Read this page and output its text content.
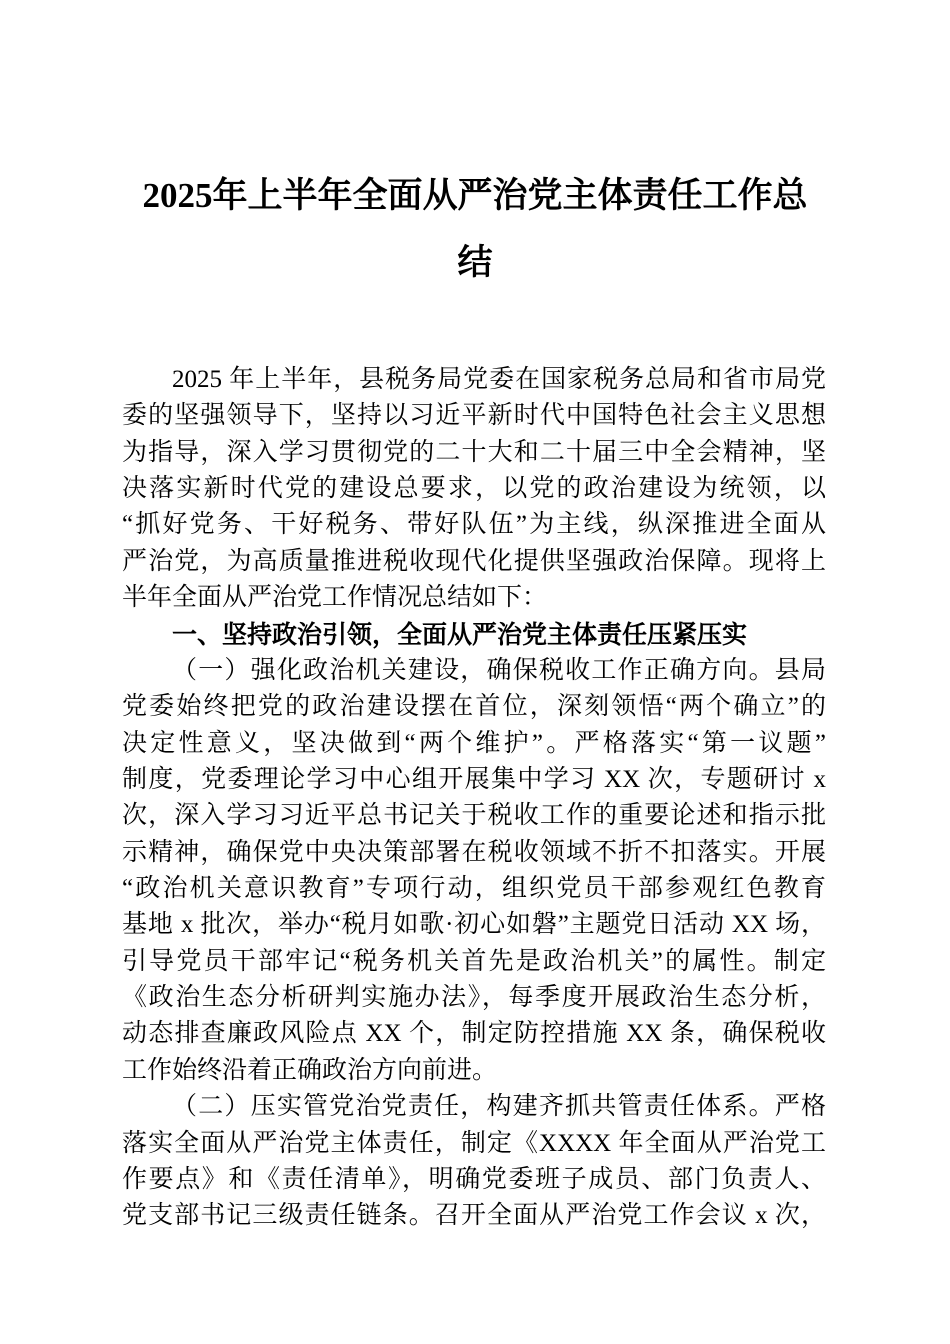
2025年上半年全面从严治党主体责任工作总
结
2025 年上半年，县税务局党委在国家税务总局和省市局党
委的坚强领导下，坚持以习近平新时代中国特色社会主义思想
为指导，深入学习贯彻党的二十大和二十届三中全会精神，坚
决落实新时代党的建设总要求，以党的政治建设为统领，以
“抓好党务、干好税务、带好队伍”为主线，纵深推进全面从
严治党，为高质量推进税收现代化提供坚强政治保障。现将上
半年全面从严治党工作情况总结如下：
一、坚持政治引领，全面从严治党主体责任压紧压实
（一）强化政治机关建设，确保税收工作正确方向。县局
党委始终把党的政治建设摆在首位，深刻领悟“两个确立”的
决定性意义，坚决做到“两个维护”。严格落实“第一议题”
制度，党委理论学习中心组开展集中学习 XX 次，专题研讨 x
次，深入学习习近平总书记关于税收工作的重要论述和指示批
示精神，确保党中央决策部署在税收领域不折不扣落实。开展
“政治机关意识教育”专项行动，组织党员干部参观红色教育
基地 x 批次，举办“税月如歌·初心如磐”主题党日活动 XX 场，
引导党员干部牢记“税务机关首先是政治机关”的属性。制定
《政治生态分析研判实施办法》，每季度开展政治生态分析，
动态排查廉政风险点 XX 个，制定防控措施 XX 条，确保税收
工作始终沿着正确政治方向前进。
（二）压实管党治党责任，构建齐抓共管责任体系。严格
落实全面从严治党主体责任，制定《XXXX 年全面从严治党工
作要点》和《责任清单》，明确党委班子成员、部门负责人、
党支部书记三级责任链条。召开全面从严治党工作会议 x 次，
